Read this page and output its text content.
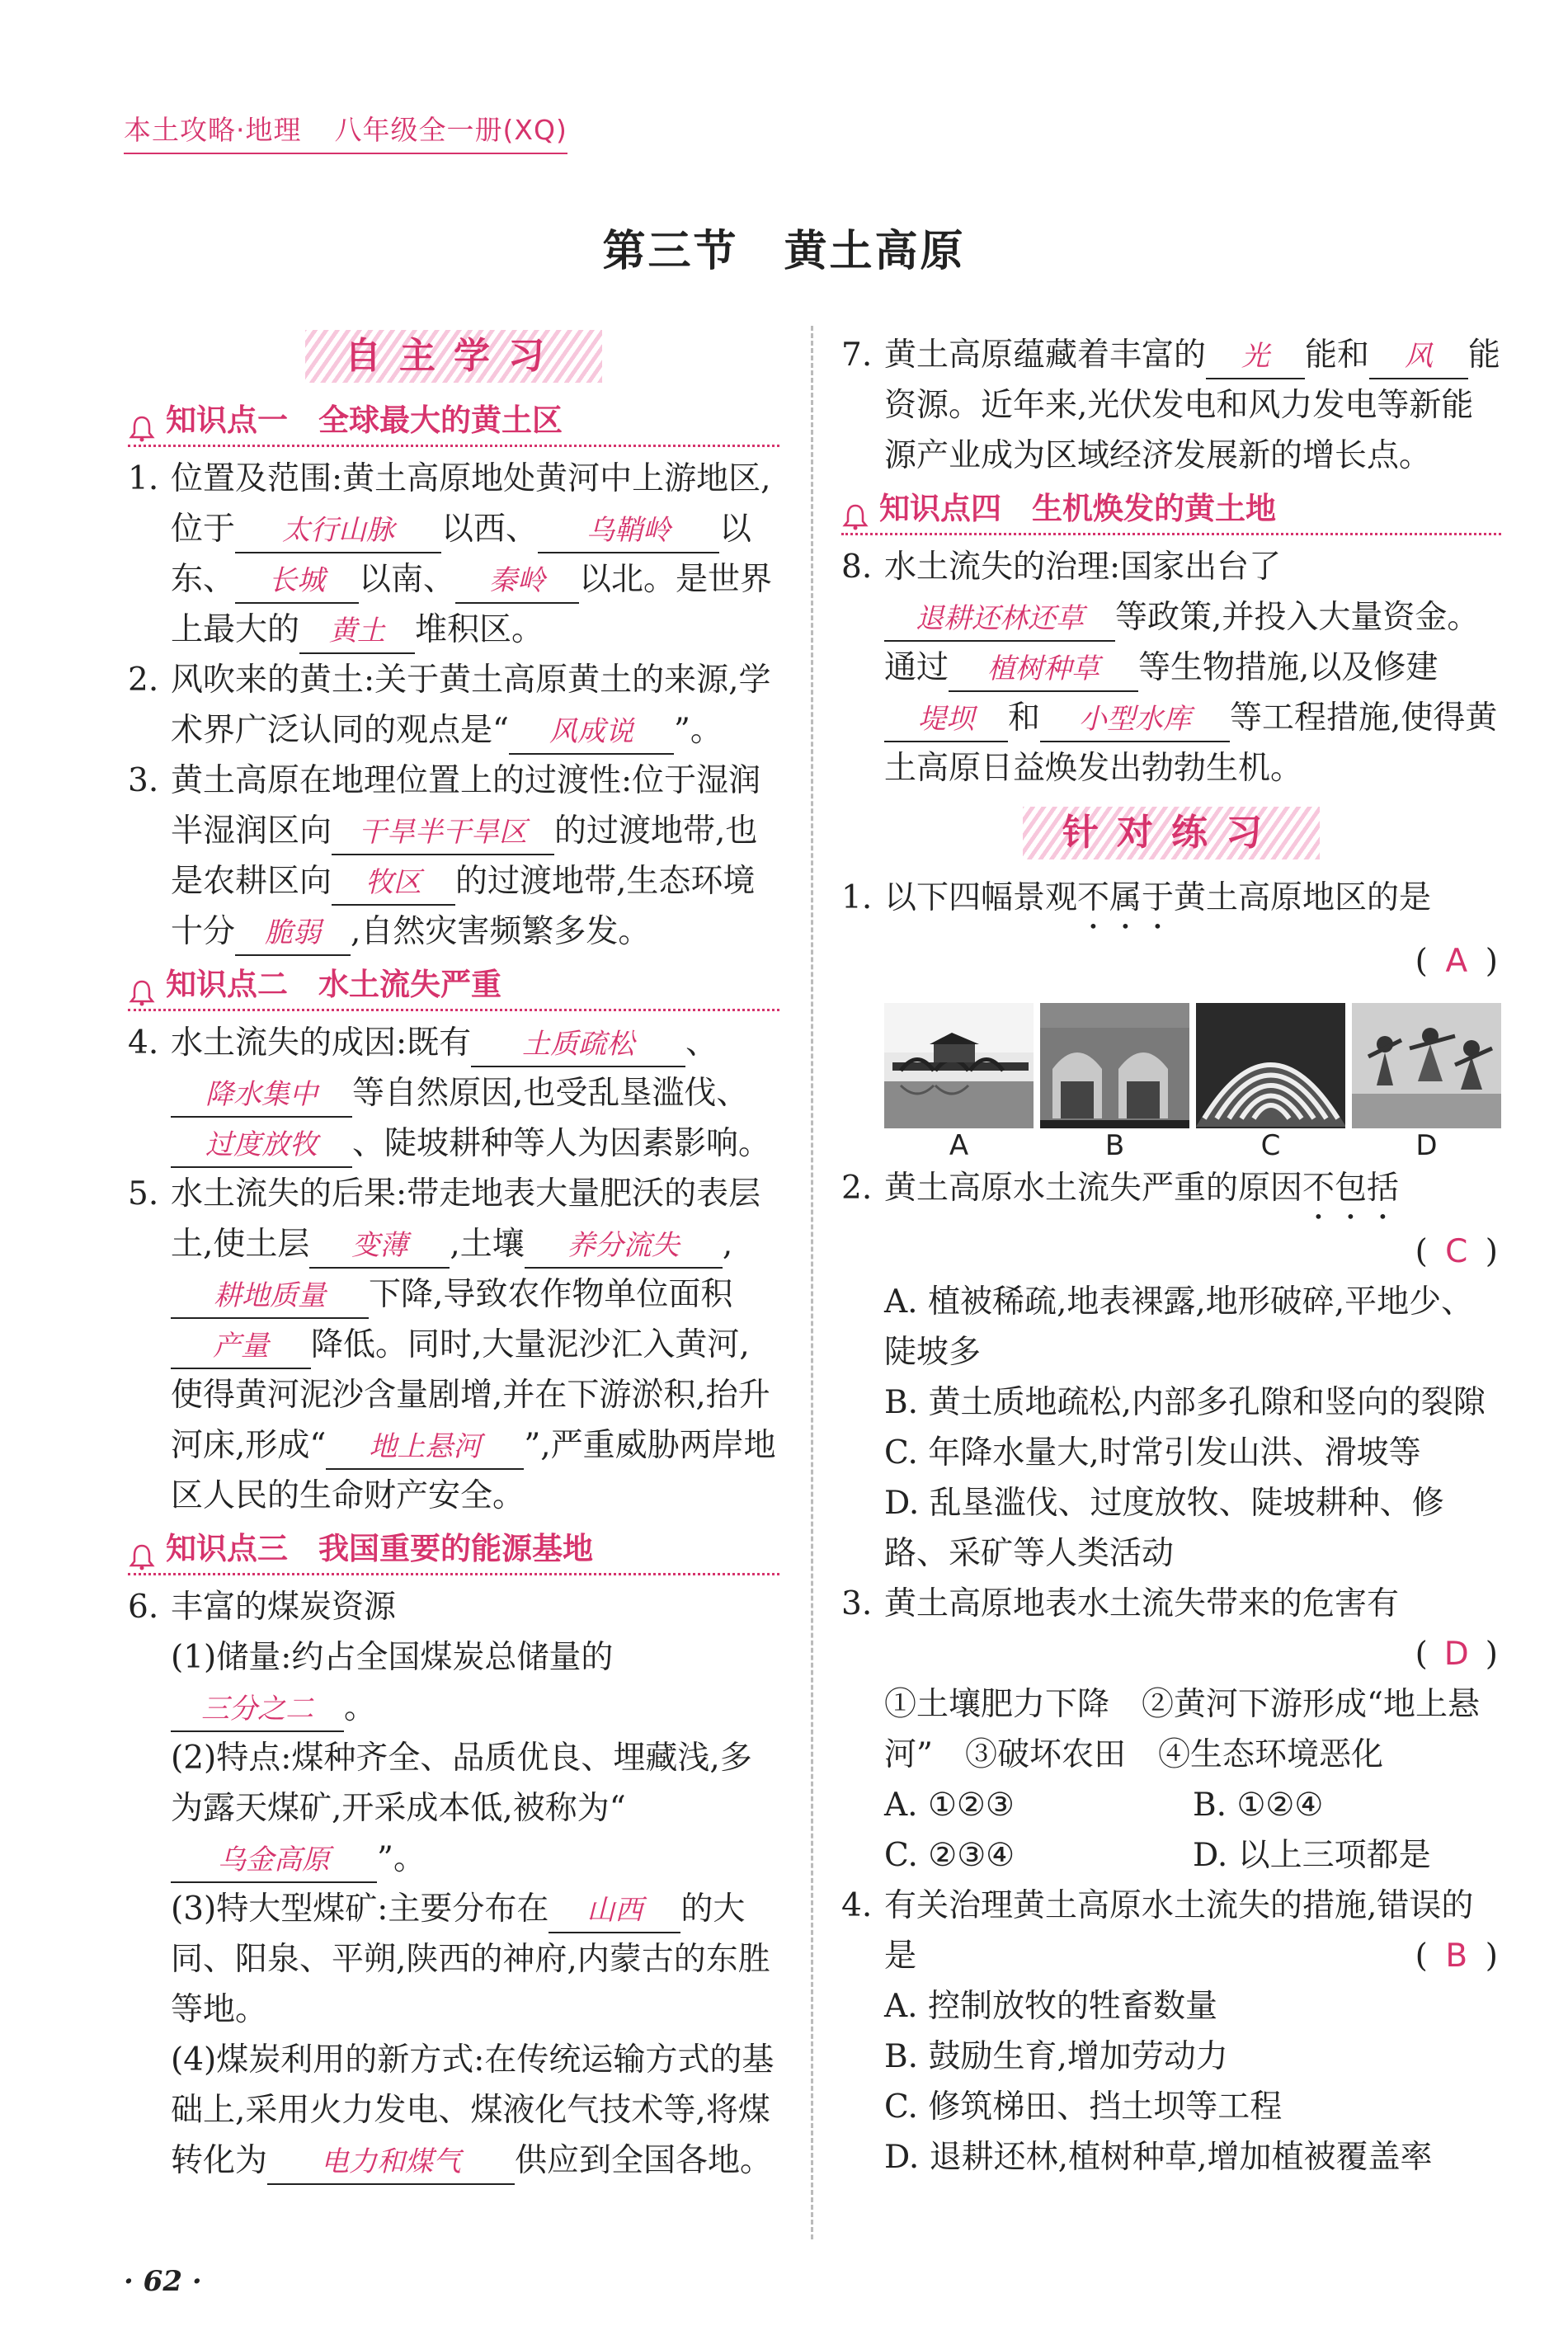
本土攻略·地理 八年级全一册(XQ)
第三节　黄土高原
自主学习
知识点一　全球最大的黄土区
1. 位置及范围:黄土高原地处黄河中上游地区,位于 太行山脉 以西、 乌鞘岭 以东、 长城 以南、 秦岭 以北。是世界上最大的 黄土 堆积区。
2. 风吹来的黄土:关于黄土高原黄土的来源,学术界广泛认同的观点是“ 风成说 ”。
3. 黄土高原在地理位置上的过渡性:位于湿润半湿润区向 干旱半干旱区 的过渡地带,也是农耕区向 牧区 的过渡地带,生态环境十分 脆弱 ,自然灾害频繁多发。
知识点二　水土流失严重
4. 水土流失的成因:既有 土质疏松 、降水集中 等自然原因,也受乱垦滥伐、过度放牧 、陡坡耕种等人为因素影响。
5. 水土流失的后果:带走地表大量肥沃的表层土,使土层 变薄 ,土壤 养分流失 ,耕地质量 下降,导致农作物单位面积产量 降低。同时,大量泥沙汇入黄河,使得黄河泥沙含量剧增,并在下游淤积,抬升河床,形成“ 地上悬河 ”,严重威胁两岸地区人民的生命财产安全。
知识点三　我国重要的能源基地
6. 丰富的煤炭资源
(1)储量:约占全国煤炭总储量的三分之二 。
(2)特点:煤种齐全、品质优良、埋藏浅,多为露天煤矿,开采成本低,被称为“乌金高原 ”。
(3)特大型煤矿:主要分布在 山西 的大同、阳泉、平朔,陕西的神府,内蒙古的东胜等地。
(4)煤炭利用的新方式:在传统运输方式的基础上,采用火力发电、煤液化气技术等,将煤转化为 电力和煤气 供应到全国各地。
7. 黄土高原蕴藏着丰富的 光 能和 风 能资源。近年来,光伏发电和风力发电等新能源产业成为区域经济发展新的增长点。
知识点四　生机焕发的黄土地
8. 水土流失的治理:国家出台了退耕还林还草 等政策,并投入大量资金。通过 植树种草 等生物措施,以及修建堤坝 和 小型水库 等工程措施,使得黄土高原日益焕发出勃勃生机。
针对练习
1. 以下四幅景观不属于黄土高原地区的是
( A )
A	B	C	D
2. 黄土高原水土流失严重的原因不包括
( C )
A. 植被稀疏,地表裸露,地形破碎,平地少、陡坡多
B. 黄土质地疏松,内部多孔隙和竖向的裂隙
C. 年降水量大,时常引发山洪、滑坡等
D. 乱垦滥伐、过度放牧、陡坡耕种、修路、采矿等人类活动
3. 黄土高原地表水土流失带来的危害有
( D )
①土壤肥力下降　②黄河下游形成“地上悬河”　③破坏农田　④生态环境恶化
A. ①②③	B. ①②④
C. ②③④	D. 以上三项都是
4. 有关治理黄土高原水土流失的措施,错误的是	( B )
A. 控制放牧的牲畜数量
B. 鼓励生育,增加劳动力
C. 修筑梯田、挡土坝等工程
D. 退耕还林,植树种草,增加植被覆盖率
· 62 ·
